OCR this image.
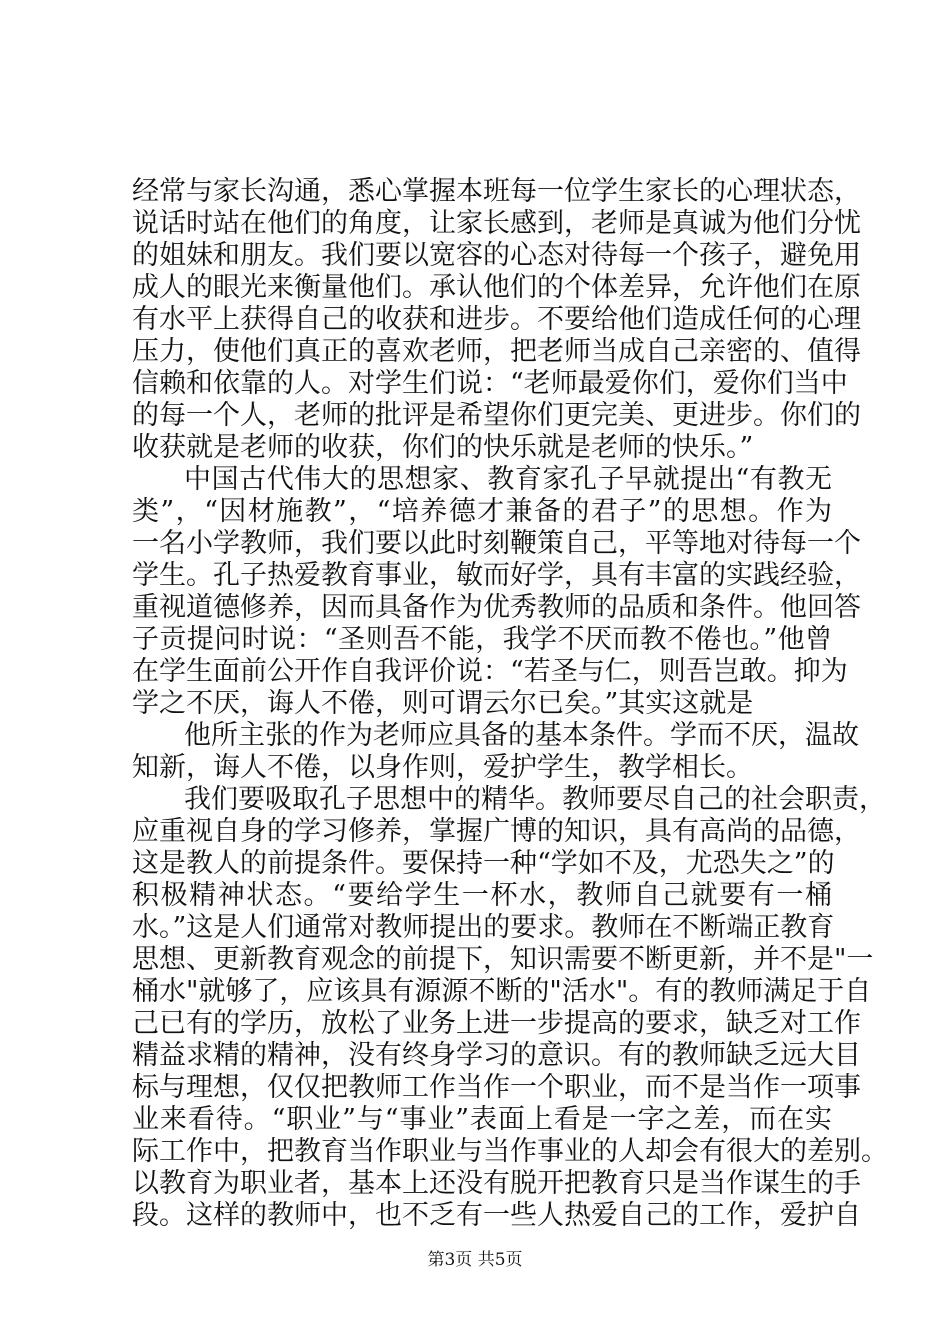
经常与家长沟通，悉心掌握本班每一位学生家长的心理状态，
说话时站在他们的角度，让家长感到，老师是真诚为他们分忧
的姐妹和朋友。我们要以宽容的心态对待每一个孩子，避免用
成人的眼光来衡量他们。承认他们的个体差异，允许他们在原
有水平上获得自己的收获和进步。不要给他们造成任何的心理
压力，使他们真正的喜欢老师，把老师当成自己亲密的、值得
信赖和依靠的人。对学生们说：“老师最爱你们，爱你们当中
的每一个人，老师的批评是希望你们更完美、更进步。你们的
收获就是老师的收获，你们的快乐就是老师的快乐。”
中国古代伟大的思想家、教育家孔子早就提出“有教无
类”，“因材施教”，“培养德才兼备的君子”的思想。作为
一名小学教师，我们要以此时刻鞭策自己，平等地对待每一个
学生。孔子热爱教育事业，敏而好学，具有丰富的实践经验，
重视道德修养，因而具备作为优秀教师的品质和条件。他回答
子贡提问时说：“圣则吾不能，我学不厌而教不倦也。”他曾
在学生面前公开作自我评价说：“若圣与仁，则吾岂敢。抑为
学之不厌，诲人不倦，则可谓云尔已矣。”其实这就是
他所主张的作为老师应具备的基本条件。学而不厌，温故
知新，诲人不倦，以身作则，爱护学生，教学相长。
我们要吸取孔子思想中的精华。教师要尽自己的社会职责，
应重视自身的学习修养，掌握广博的知识，具有高尚的品德，
这是教人的前提条件。要保持一种“学如不及，尤恐失之”的
积极精神状态。“要给学生一杯水，教师自己就要有一桶
水。”这是人们通常对教师提出的要求。教师在不断端正教育
思想、更新教育观念的前提下，知识需要不断更新，并不是"一
桶水"就够了，应该具有源源不断的"活水"。有的教师满足于自
己已有的学历，放松了业务上进一步提高的要求，缺乏对工作
精益求精的精神，没有终身学习的意识。有的教师缺乏远大目
标与理想，仅仅把教师工作当作一个职业，而不是当作一项事
业来看待。“职业”与“事业”表面上看是一字之差，而在实
际工作中，把教育当作职业与当作事业的人却会有很大的差别。
以教育为职业者，基本上还没有脱开把教育只是当作谋生的手
段。这样的教师中，也不乏有一些人热爱自己的工作，爱护自
第3页 共5页
